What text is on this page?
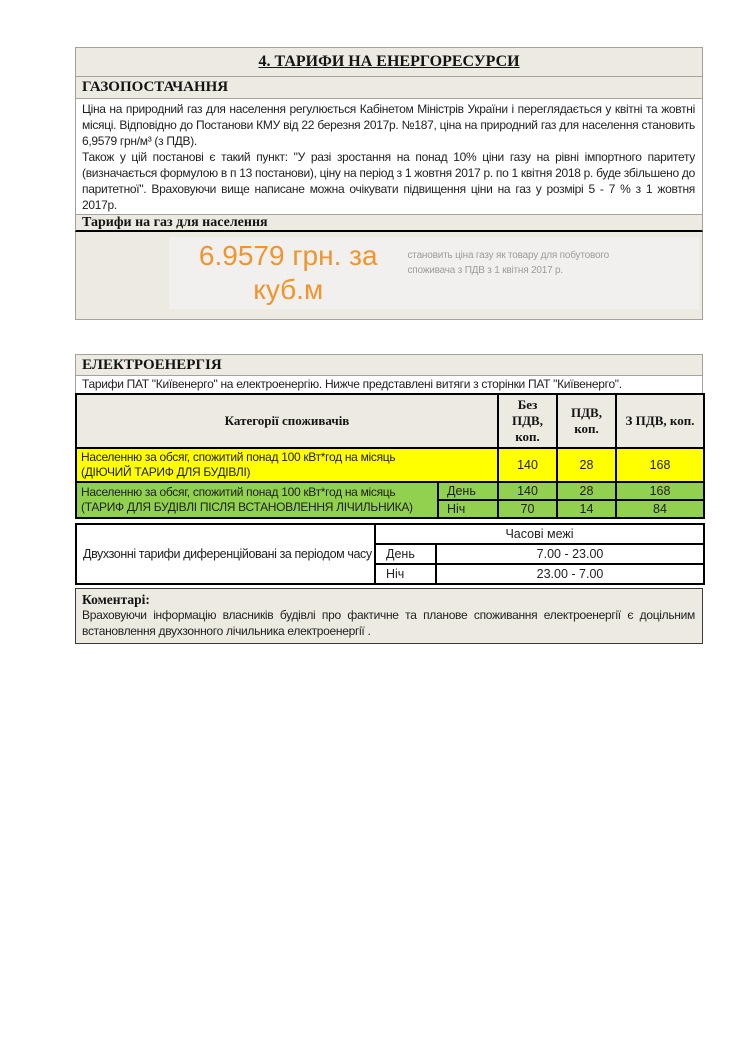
4. ТАРИФИ НА ЕНЕРГОРЕСУРСИ
ГАЗОПОСТАЧАННЯ

Ціна на природний газ для населення регулюється Кабінетом Міністрів України і переглядається у квітні та жовтні місяці. Відповідно до Постанови КМУ від 22 березня 2017р. №187, ціна на природний газ для населення становить 6,9579 грн/м³ (з ПДВ).

Також у цій постанові є такий пункт: "У разі зростання на понад 10% ціни газу на рівні імпортного паритету (визначається формулою в п 13 постанови), ціну на період з 1 жовтня 2017 р. по 1 квітня 2018 р. буде збільшено до паритетної". Враховуючи вище написане можна очікувати підвищення ціни на газ у розмірі 5 - 7 % з 1 жовтня 2017р.

Тарифи на газ для населення
6.9579 грн. за куб.м
становить ціна газу як товару для побутового споживача з ПДВ з 1 квітня 2017 р.
ЕЛЕКТРОЕНЕРГІЯ
Тарифи ПАТ "Київенерго" на електроенергію. Нижче представлені витяги з сторінки ПАТ "Київенерго".
Категорії споживачів		Без ПДВ, коп.	ПДВ, коп.	З ПДВ, коп.
Населенню за обсяг, спожитий понад 100 кВт*год на місяць
(ДІЮЧИЙ ТАРИФ ДЛЯ БУДІВЛІ)		140	28	168
Населенню за обсяг, спожитий понад 100 кВт*год на місяць
(ТАРИФ ДЛЯ БУДІВЛІ ПІСЛЯ ВСТАНОВЛЕННЯ ЛІЧИЛЬНИКА)	День	140	28	168
	Ніч	70	14	84
Двухзонні тарифи диференційовані за періодом часу	Часові межі	
	День	7.00 - 23.00
	Ніч	23.00 - 7.00
Коментарі:
Враховуючи інформацію власників будівлі про фактичне та планове споживання електроенергії є доцільним встановлення двухзонного лічильника електроенергії .
